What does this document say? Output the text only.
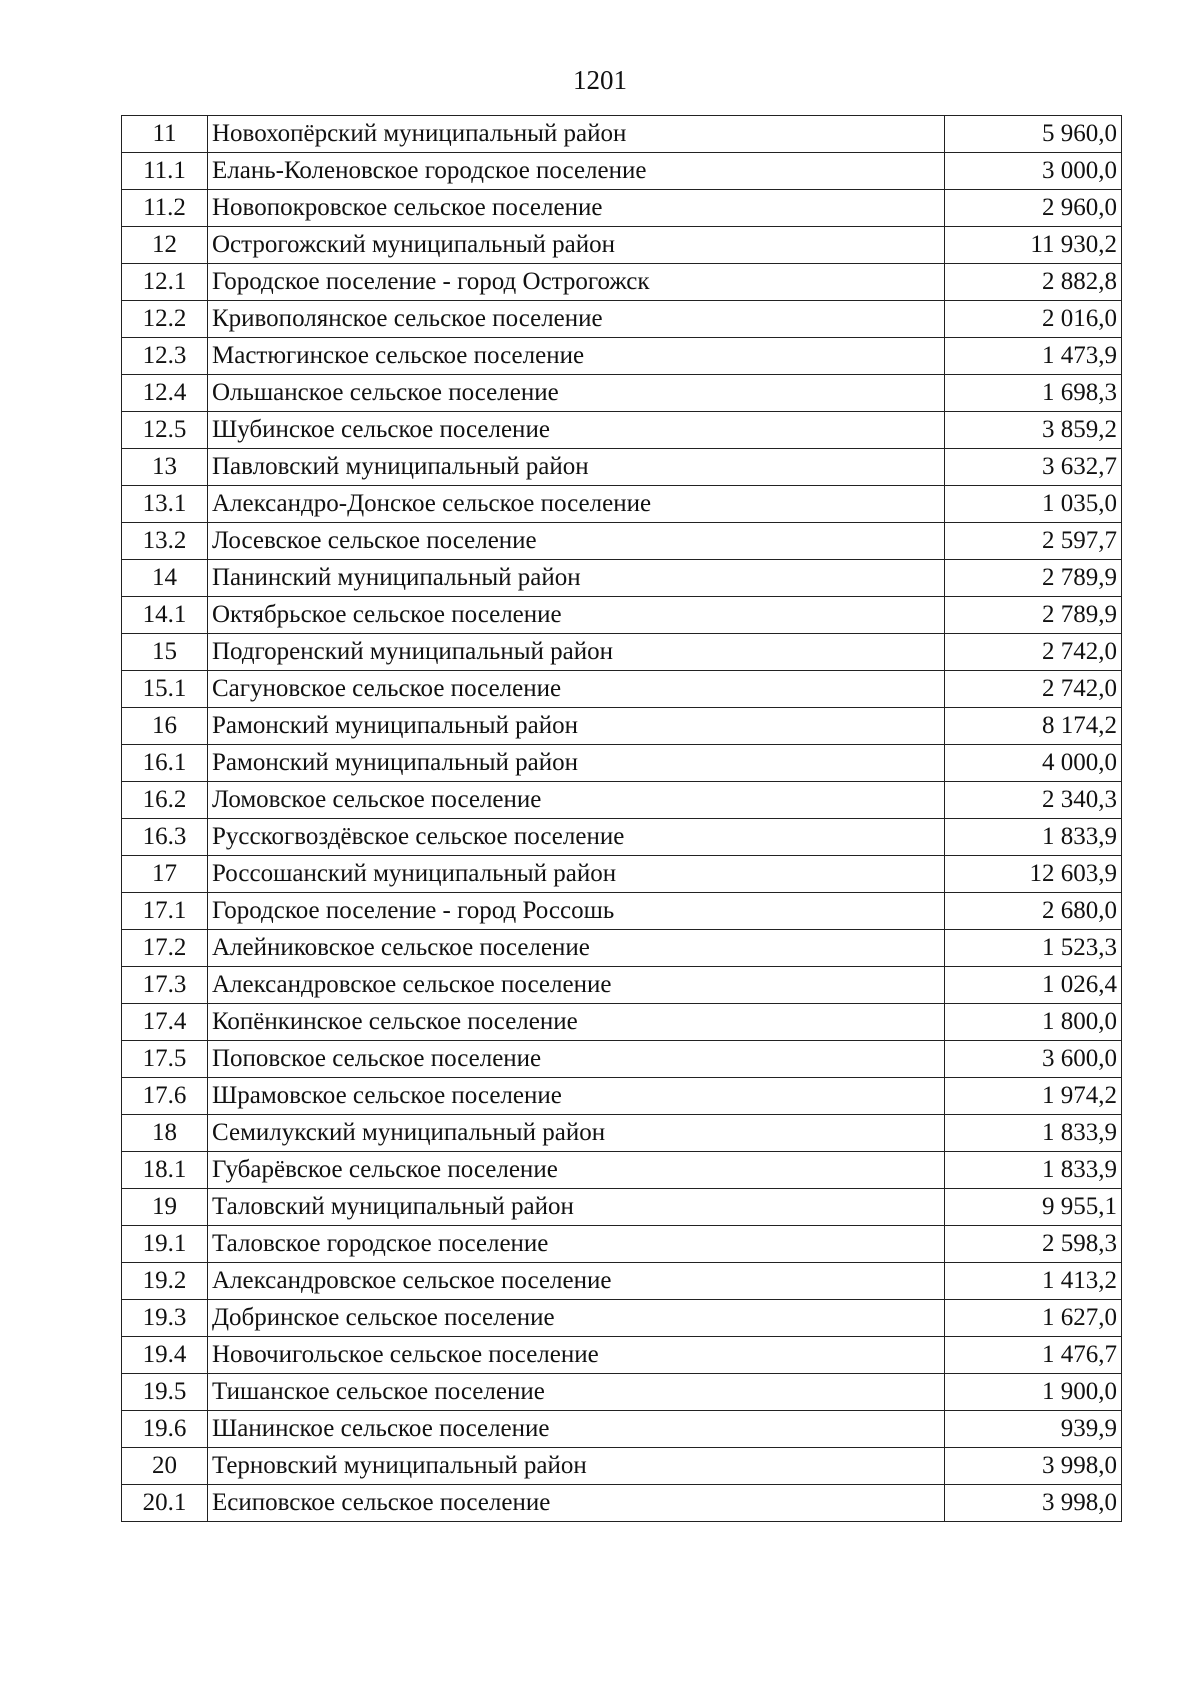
1201
11	Новохопёрский муниципальный район	5 960,0
11.1	Елань-Коленовское городское поселение	3 000,0
11.2	Новопокровское сельское поселение	2 960,0
12	Острогожский муниципальный район	11 930,2
12.1	Городское поселение - город Острогожск	2 882,8
12.2	Кривополянское сельское поселение	2 016,0
12.3	Мастюгинское сельское поселение	1 473,9
12.4	Ольшанское сельское поселение	1 698,3
12.5	Шубинское сельское поселение	3 859,2
13	Павловский муниципальный район	3 632,7
13.1	Александро-Донское сельское поселение	1 035,0
13.2	Лосевское сельское поселение	2 597,7
14	Панинский муниципальный район	2 789,9
14.1	Октябрьское сельское поселение	2 789,9
15	Подгоренский муниципальный район	2 742,0
15.1	Сагуновское сельское поселение	2 742,0
16	Рамонский муниципальный район	8 174,2
16.1	Рамонский муниципальный район	4 000,0
16.2	Ломовское сельское поселение	2 340,3
16.3	Русскогвоздёвское сельское поселение	1 833,9
17	Россошанский муниципальный район	12 603,9
17.1	Городское поселение - город Россошь	2 680,0
17.2	Алейниковское сельское поселение	1 523,3
17.3	Александровское сельское поселение	1 026,4
17.4	Копёнкинское сельское поселение	1 800,0
17.5	Поповское сельское поселение	3 600,0
17.6	Шрамовское сельское поселение	1 974,2
18	Семилукский муниципальный район	1 833,9
18.1	Губарёвское сельское поселение	1 833,9
19	Таловский муниципальный район	9 955,1
19.1	Таловское городское поселение	2 598,3
19.2	Александровское сельское поселение	1 413,2
19.3	Добринское сельское поселение	1 627,0
19.4	Новочигольское сельское поселение	1 476,7
19.5	Тишанское сельское поселение	1 900,0
19.6	Шанинское сельское поселение	939,9
20	Терновский муниципальный район	3 998,0
20.1	Есиповское сельское поселение	3 998,0
